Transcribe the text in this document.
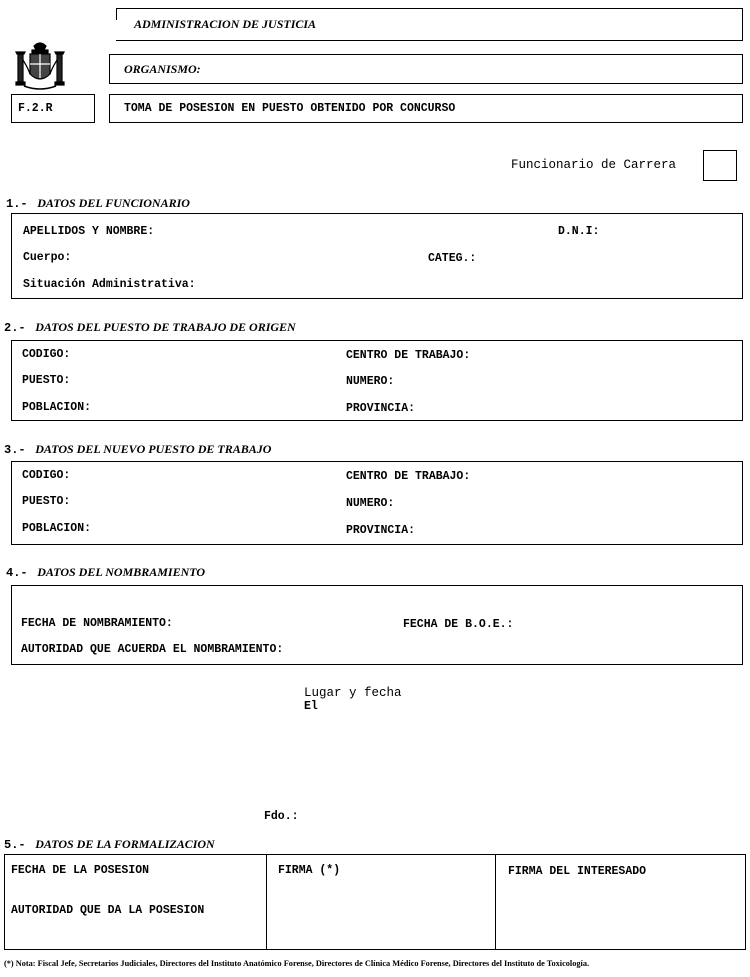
ADMINISTRACION DE JUSTICIA
ORGANISMO:
F.2.R	TOMA DE POSESION EN PUESTO OBTENIDO POR CONCURSO
Funcionario de Carrera
1.- DATOS DEL FUNCIONARIO
APELLIDOS Y NOMBRE:	D.N.I:
Cuerpo:	CATEG.:
Situación Administrativa:
2.- DATOS DEL PUESTO DE TRABAJO DE ORIGEN
CODIGO:	CENTRO DE TRABAJO:
PUESTO:	NUMERO:
POBLACION:	PROVINCIA:
3.- DATOS DEL NUEVO PUESTO DE TRABAJO
CODIGO:	CENTRO DE TRABAJO:
PUESTO:	NUMERO:
POBLACION:	PROVINCIA:
4.- DATOS DEL NOMBRAMIENTO
FECHA DE NOMBRAMIENTO:	FECHA DE B.O.E.:
AUTORIDAD QUE ACUERDA EL NOMBRAMIENTO:
Lugar y fecha
El
Fdo.:
5.- DATOS DE LA FORMALIZACION
FECHA DE LA POSESION
AUTORIDAD QUE DA LA POSESION
FIRMA (*)	FIRMA DEL INTERESADO
(*) Nota: Fiscal Jefe, Secretarios Judiciales, Directores del Instituto Anatómico Forense, Directores de Clínica Médico Forense, Directores del Instituto de Toxicología.
